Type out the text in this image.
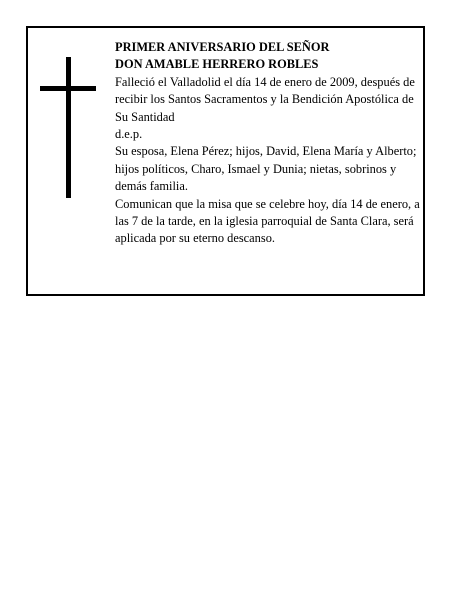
PRIMER ANIVERSARIO DEL SEÑOR

DON AMABLE HERRERO ROBLES

Falleció el Valladolid el día 14 de enero de 2009, después de recibir los Santos Sacramentos y la Bendición Apostólica de Su Santidad

d.e.p.

Su esposa, Elena Pérez; hijos, David, Elena María y Alberto; hijos políticos, Charo, Ismael y Dunia; nietas, sobrinos y demás familia.

Comunican que la misa que se celebre hoy, día 14 de enero, a las 7 de la tarde, en la iglesia parroquial de Santa Clara, será aplicada por su eterno descanso.
